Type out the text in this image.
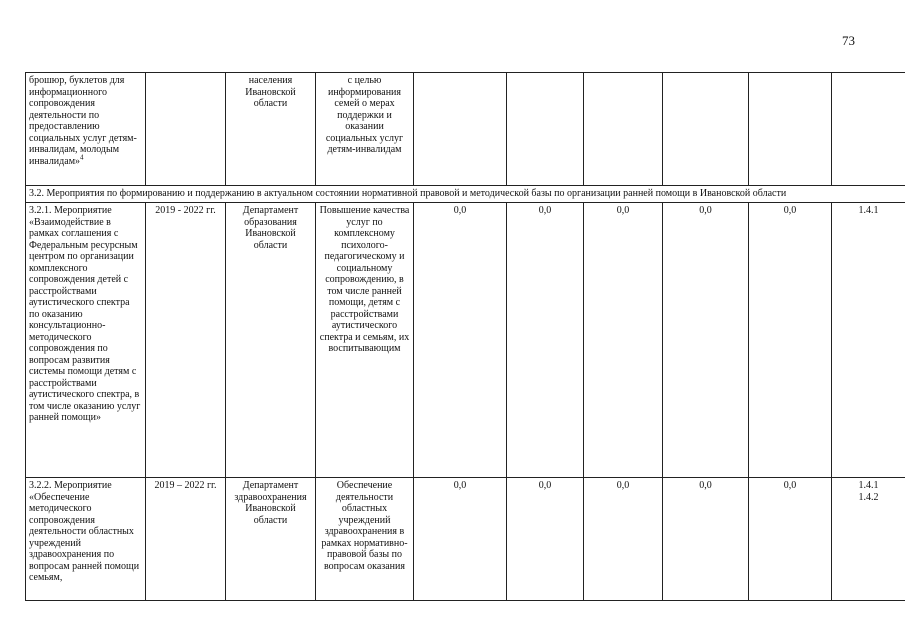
73
брошюр, буклетов для информационного сопровождения деятельности по предоставлению социальных услуг детям-инвалидам, молодым инвалидам»$^4$		населения Ивановской области	с целью информирования семей о мерах поддержки и оказании социальных услуг детям-инвалидам						
3.2. Мероприятия по формированию и поддержанию в актуальном состоянии нормативной правовой и методической базы по организации ранней помощи в Ивановской области									
3.2.1. Мероприятие «Взаимодействие в рамках соглашения с Федеральным ресурсным центром по организации комплексного сопровождения детей с расстройствами аутистического спектра по оказанию консультационно-методического сопровождения по вопросам развития системы помощи детям с расстройствами аутистического спектра, в том числе оказанию услуг ранней помощи»	2019 - 2022 гг.	Департамент образования Ивановской области	Повышение качества услуг по комплексному психолого-педагогическому и социальному сопровождению, в том числе ранней помощи, детям с расстройствами аутистического спектра и семьям, их воспитывающим	0,0	0,0	0,0	0,0	0,0	1.4.1

3.2.2. Мероприятие «Обеспечение методического сопровождения деятельности областных учреждений здравоохранения по вопросам ранней помощи семьям,	2019 – 2022 гг.	Департамент здравоохранения Ивановской области	Обеспечение деятельности областных учреждений здравоохранения в рамках нормативно-правовой базы по вопросам оказания	0,0	0,0	0,0	0,0	0,0	1.4.1
1.4.2
